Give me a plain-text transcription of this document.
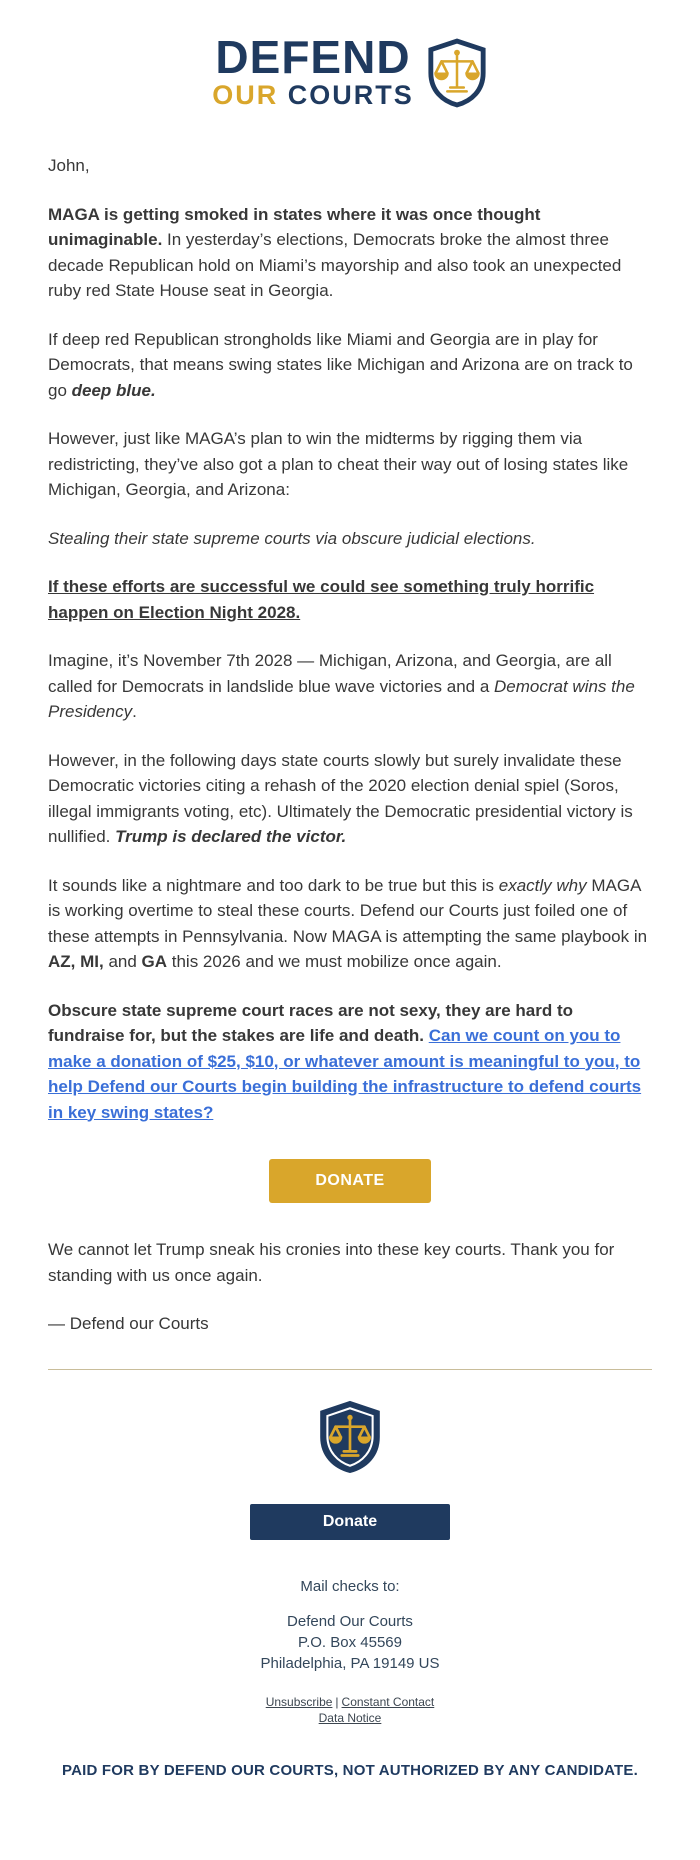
DEFEND
OUR COURTS

John,

MAGA is getting smoked in states where it was once thought unimaginable. In yesterday’s elections, Democrats broke the almost three decade Republican hold on Miami’s mayorship and also took an unexpected ruby red State House seat in Georgia.

If deep red Republican strongholds like Miami and Georgia are in play for Democrats, that means swing states like Michigan and Arizona are on track to go deep blue.

However, just like MAGA’s plan to win the midterms by rigging them via redistricting, they’ve also got a plan to cheat their way out of losing states like Michigan, Georgia, and Arizona:

Stealing their state supreme courts via obscure judicial elections.

If these efforts are successful we could see something truly horrific happen on Election Night 2028.

Imagine, it’s November 7th 2028 — Michigan, Arizona, and Georgia, are all called for Democrats in landslide blue wave victories and a Democrat wins the Presidency.

However, in the following days state courts slowly but surely invalidate these Democratic victories citing a rehash of the 2020 election denial spiel (Soros, illegal immigrants voting, etc). Ultimately the Democratic presidential victory is nullified. Trump is declared the victor.

It sounds like a nightmare and too dark to be true but this is exactly why MAGA is working overtime to steal these courts. Defend our Courts just foiled one of these attempts in Pennsylvania. Now MAGA is attempting the same playbook in AZ, MI, and GA this 2026 and we must mobilize once again.

Obscure state supreme court races are not sexy, they are hard to fundraise for, but the stakes are life and death. Can we count on you to make a donation of $25, $10, or whatever amount is meaningful to you, to help Defend our Courts begin building the infrastructure to defend courts in key swing states?

DONATE

We cannot let Trump sneak his cronies into these key courts. Thank you for standing with us once again.

— Defend our Courts

Donate

Mail checks to:

Defend Our Courts
P.O. Box 45569
Philadelphia, PA 19149 US
Unsubscribe | Constant Contact
Data Notice

PAID FOR BY DEFEND OUR COURTS, NOT AUTHORIZED BY ANY CANDIDATE.
